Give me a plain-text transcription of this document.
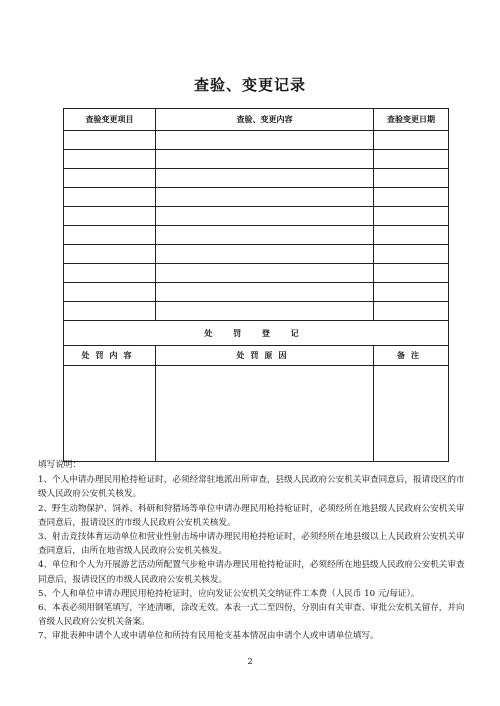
查验、变更记录
查验变更项目	查验、变更内容	查验变更日期

处 罚 登 记		
处罚内容	处罚原因	备注

填写说明：
1、个人申请办理民用枪持枪证时，必须经常驻地派出所审查，县级人民政府公安机关审查同意后，报请设区的市级人民政府公安机关核发。
2、野生动物保护、饲养、科研和狩猎场等单位申请办理民用枪持枪证时，必须经所在地县级人民政府公安机关审查同意后，报请设区的市级人民政府公安机关核发。
3、射击竞技体育运动单位和营业性射击场申请办理民用枪持枪证时，必须经所在地县级以上人民政府公安机关审查同意后，由所在地省级人民政府公安机关核发。
4、单位和个人为开展游艺活动所配置气步枪申请办理民用枪持枪证时，必须经所在地县级人民政府公安机关审查同意后，报请设区的市级人民政府公安机关核发。
5、个人和单位申请办理民用枪持枪证时，应向发证公安机关交纳证件工本费（人民币 10 元/每证）。
6、本表必须用钢笔填写，字迹清晰，涂改无效。本表一式二至四份，分别由有关审查、审批公安机关留存，并向省级人民政府公安机关备案。
7、审批表种申请个人或申请单位和所持有民用枪支基本情况由申请个人或申请单位填写。
2
